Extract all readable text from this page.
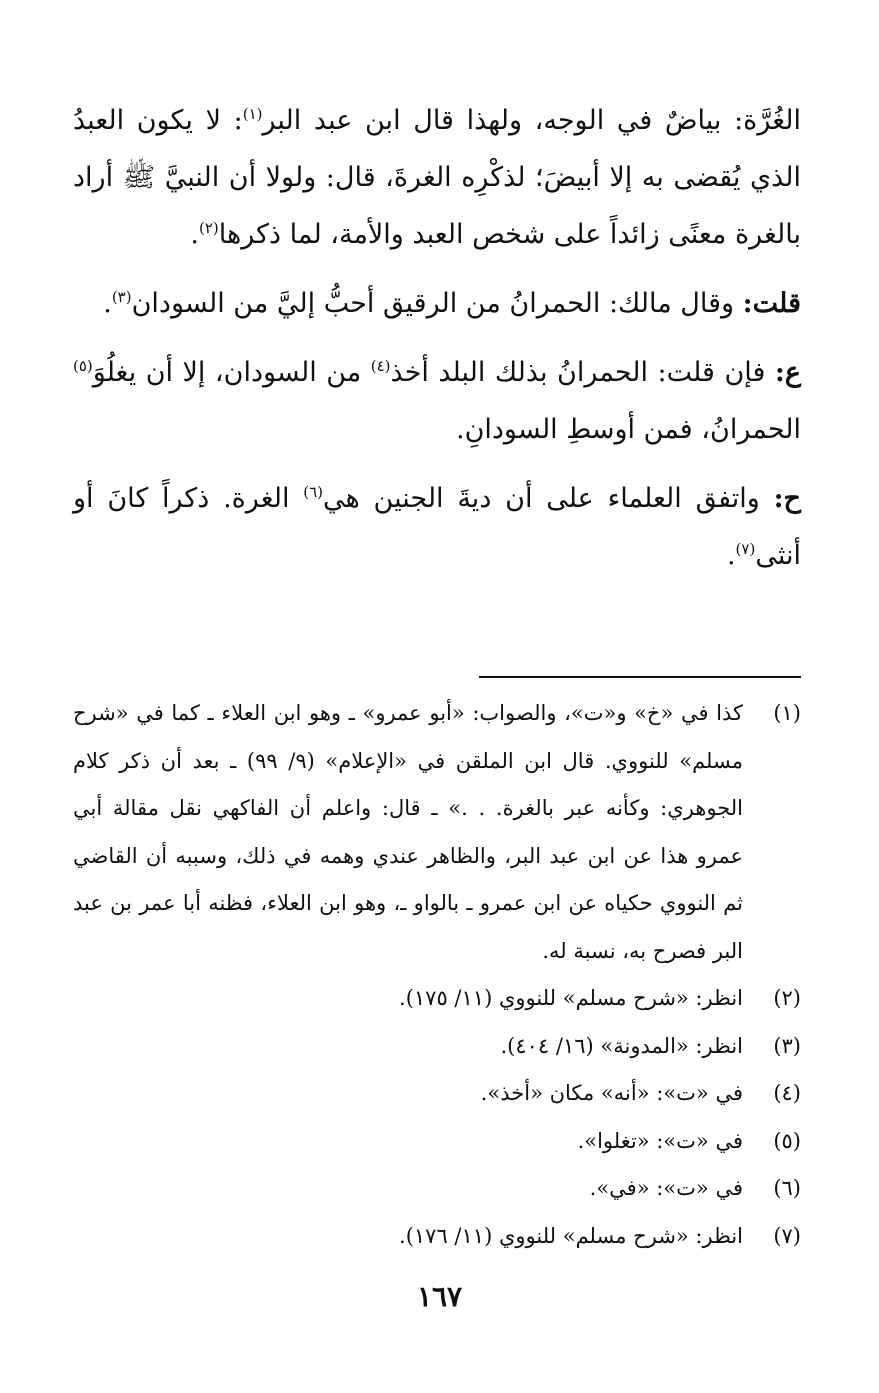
الغُرَّة: بياضٌ في الوجه، ولهذا قال ابن عبد البر$^{(١)}$: لا يكون العبدُ الذي يُقضى به إلا أبيضَ؛ لذكْرِه الغرةَ، قال: ولولا أن النبيَّ ﷺ أراد بالغرة معنًى زائداً على شخص العبد والأمة، لما ذكرها$^{(٢)}$.

قلت: وقال مالك: الحمرانُ من الرقيق أحبُّ إليَّ من السودان$^{(٣)}$.

ع: فإن قلت: الحمرانُ بذلك البلد أخذ$^{(٤)}$ من السودان، إلا أن يغلُوَ$^{(٥)}$ الحمرانُ، فمن أوسطِ السودانِ.

ح: واتفق العلماء على أن ديةَ الجنين هي$^{(٦)}$ الغرة. ذكراً كانَ أو أنثى$^{(٧)}$.

(١)
كذا في «خ» و«ت»، والصواب: «أبو عمرو» ـ وهو ابن العلاء ـ كما في «شرح مسلم» للنووي. قال ابن الملقن في «الإعلام» (٩/ ٩٩) ـ بعد أن ذكر كلام الجوهري: وكأنه عبر بالغرة. . .» ـ قال: واعلم أن الفاكهي نقل مقالة أبي عمرو هذا عن ابن عبد البر، والظاهر عندي وهمه في ذلك، وسببه أن القاضي ثم النووي حكياه عن ابن عمرو ـ بالواو ـ، وهو ابن العلاء، فظنه أبا عمر بن عبد البر فصرح به، نسبة له.
(٢)
انظر: «شرح مسلم» للنووي (١١/ ١٧٥).
(٣)
انظر: «المدونة» (١٦/ ٤٠٤).
(٤)
في «ت»: «أنه» مكان «أخذ».
(٥)
في «ت»: «تغلوا».
(٦)
في «ت»: «في».
(٧)
انظر: «شرح مسلم» للنووي (١١/ ١٧٦).
١٦٧
